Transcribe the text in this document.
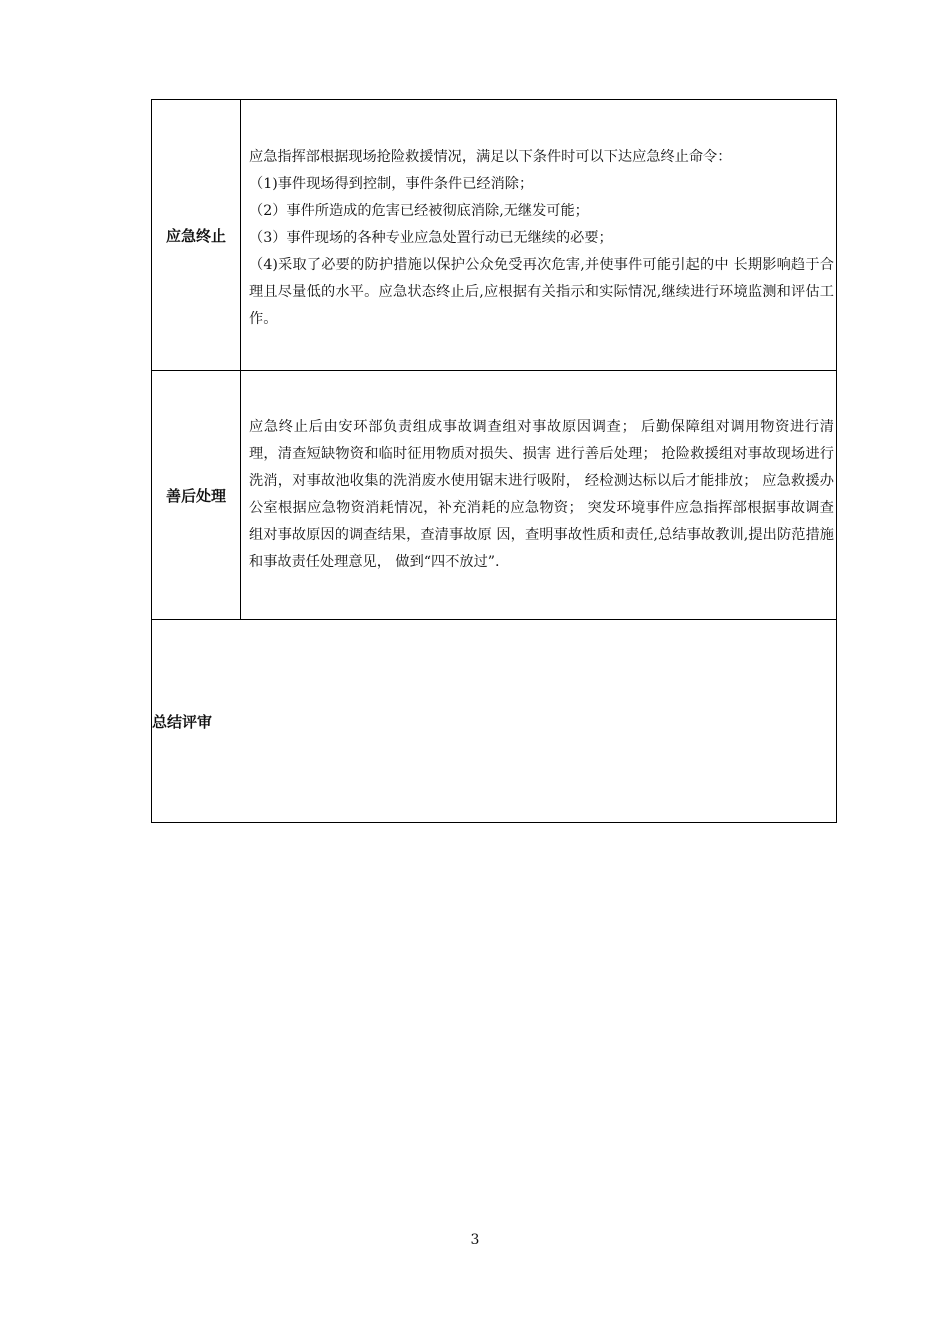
应急终止	应急指挥部根据现场抢险救援情况，满足以下条件时可以下达应急终止命令：

（1)事件现场得到控制，事件条件已经消除；

（2）事件所造成的危害已经被彻底消除,无继发可能；

（3）事件现场的各种专业应急处置行动已无继续的必要；

（4)采取了必要的防护措施以保护公众免受再次危害,并使事件可能引起的中 长期影响趋于合理且尽量低的水平。应急状态终止后,应根据有关指示和实际情况,继续进行环境监测和评估工作。

善后处理	应急终止后由安环部负责组成事故调查组对事故原因调查； 后勤保障组对调用物资进行清理，清查短缺物资和临时征用物质对损失、损害 进行善后处理； 抢险救援组对事故现场进行洗消，对事故池收集的洗消废水使用锯末进行吸附， 经检测达标以后才能排放； 应急救援办公室根据应急物资消耗情况，补充消耗的应急物资； 突发环境事件应急指挥部根据事故调查组对事故原因的调查结果，查清事故原 因，查明事故性质和责任,总结事故教训,提出防范措施和事故责任处理意见， 做到“四不放过”.

总结评审	
3
